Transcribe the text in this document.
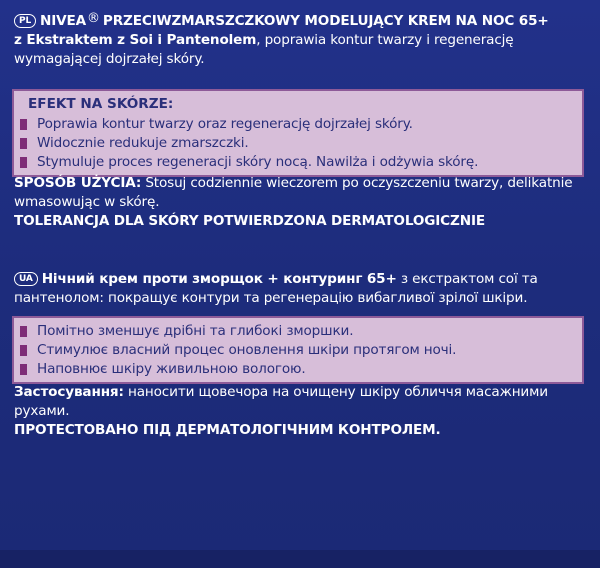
PL NIVEA® PRZECIWZMARSZCZKOWY MODELUJĄCY KREM NA NOC 65+

z Ekstraktem z Soi i Pantenolem, poprawia kontur twarzy i regenerację wymagającej dojrzałej skóry.

EFEKT NA SKÓRZE:
Poprawia kontur twarzy oraz regenerację dojrzałej skóry.
Widocznie redukuje zmarszczki.
Stymuluje proces regeneracji skóry nocą. Nawilża i odżywia skórę.

SPOSÓB UŻYCIA: Stosuj codziennie wieczorem po oczyszczeniu twarzy, delikatnie wmasowując w skórę.

TOLERANCJA DLA SKÓRY POTWIERDZONA DERMATOLOGICZNIE

UA Нічний крем проти зморщок + контуринг 65+ з екстрактом сої та пантенолом: покращує контури та регенерацію вибагливої зрілої шкіри.

Помітно зменшує дрібні та глибокі зморшки.
Стимулює власний процес оновлення шкіри протягом ночі.
Наповнює шкіру живильною вологою.

Застосування: наносити щовечора на очищену шкіру обличчя масажними рухами.

ПРОТЕСТОВАНО ПІД ДЕРМАТОЛОГІЧНИМ КОНТРОЛЕМ.
